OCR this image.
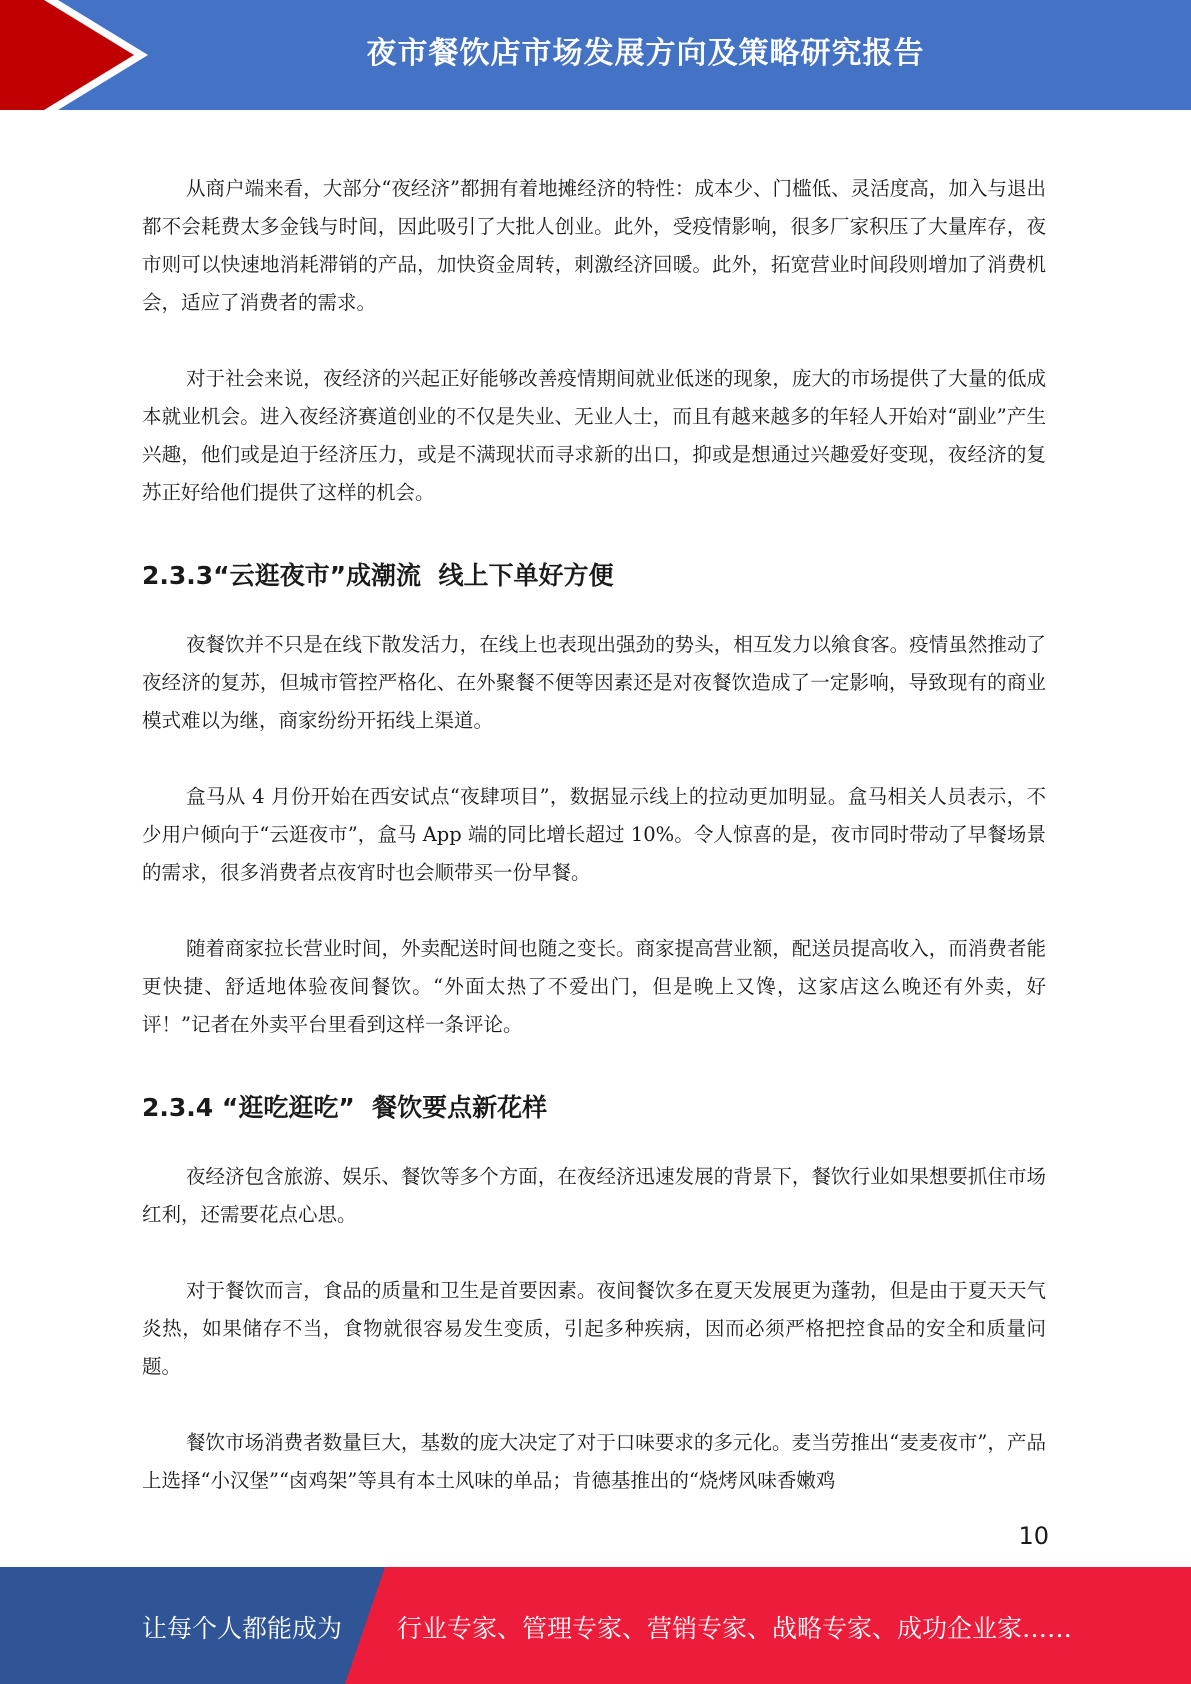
夜市餐饮店市场发展方向及策略研究报告

从商户端来看，大部分“夜经济”都拥有着地摊经济的特性：成本少、门槛低、灵活度高，加入与退出都不会耗费太多金钱与时间，因此吸引了大批人创业。此外，受疫情影响，很多厂家积压了大量库存，夜市则可以快速地消耗滞销的产品，加快资金周转，刺激经济回暖。此外，拓宽营业时间段则增加了消费机会，适应了消费者的需求。

对于社会来说，夜经济的兴起正好能够改善疫情期间就业低迷的现象，庞大的市场提供了大量的低成本就业机会。进入夜经济赛道创业的不仅是失业、无业人士，而且有越来越多的年轻人开始对“副业”产生兴趣，他们或是迫于经济压力，或是不满现状而寻求新的出口，抑或是想通过兴趣爱好变现，夜经济的复苏正好给他们提供了这样的机会。

2.3.3“云逛夜市”成潮流  线上下单好方便

夜餐饮并不只是在线下散发活力，在线上也表现出强劲的势头，相互发力以飨食客。疫情虽然推动了夜经济的复苏，但城市管控严格化、在外聚餐不便等因素还是对夜餐饮造成了一定影响，导致现有的商业模式难以为继，商家纷纷开拓线上渠道。

盒马从 4 月份开始在西安试点“夜肆项目”，数据显示线上的拉动更加明显。盒马相关人员表示，不少用户倾向于“云逛夜市”，盒马 App 端的同比增长超过 10%。令人惊喜的是，夜市同时带动了早餐场景的需求，很多消费者点夜宵时也会顺带买一份早餐。

随着商家拉长营业时间，外卖配送时间也随之变长。商家提高营业额，配送员提高收入，而消费者能更快捷、舒适地体验夜间餐饮。“外面太热了不爱出门，但是晚上又馋，这家店这么晚还有外卖，好评！”记者在外卖平台里看到这样一条评论。

2.3.4 “逛吃逛吃”  餐饮要点新花样

夜经济包含旅游、娱乐、餐饮等多个方面，在夜经济迅速发展的背景下，餐饮行业如果想要抓住市场红利，还需要花点心思。

对于餐饮而言，食品的质量和卫生是首要因素。夜间餐饮多在夏天发展更为蓬勃，但是由于夏天天气炎热，如果储存不当，食物就很容易发生变质，引起多种疾病，因而必须严格把控食品的安全和质量问题。

餐饮市场消费者数量巨大，基数的庞大决定了对于口味要求的多元化。麦当劳推出“麦麦夜市”，产品上选择“小汉堡”“卤鸡架”等具有本土风味的单品；肯德基推出的“烧烤风味香嫩鸡

10
让每个人都能成为 行业专家、管理专家、营销专家、战略专家、成功企业家……
